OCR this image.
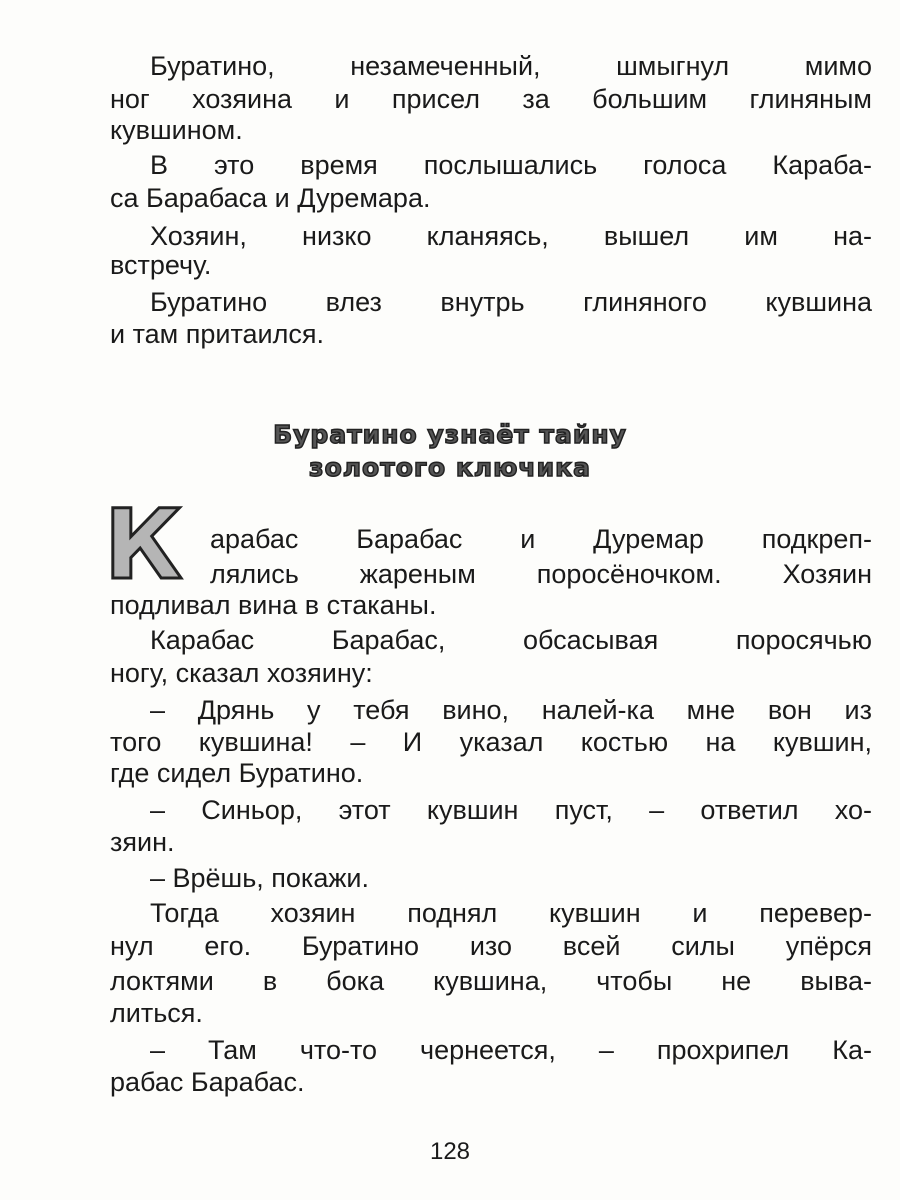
Буратино, незамеченный, шмыгнул мимо
ног хозяина и присел за большим глиняным
кувшином.
В это время послышались голоса Караба-
са Барабаса и Дуремара.
Хозяин, низко кланяясь, вышел им на-
встречу.
Буратино влез внутрь глиняного кувшина
и там притаился.
Буратино узнаёт тайну
золотого ключика
К	арабас Барабас и Дуремар подкреп-
лялись жареным поросёночком. Хозяин
подливал вина в стаканы.
Карабас Барабас, обсасывая поросячью
ногу, сказал хозяину:
– Дрянь у тебя вино, налей-ка мне вон из
того кувшина! – И указал костью на кувшин,
где сидел Буратино.
– Синьор, этот кувшин пуст, – ответил хо-
зяин.
– Врёшь, покажи.
Тогда хозяин поднял кувшин и перевер-
нул его. Буратино изо всей силы упёрся
локтями в бока кувшина, чтобы не выва-
литься.
– Там что-то чернеется, – прохрипел Ка-
рабас Барабас.
128
